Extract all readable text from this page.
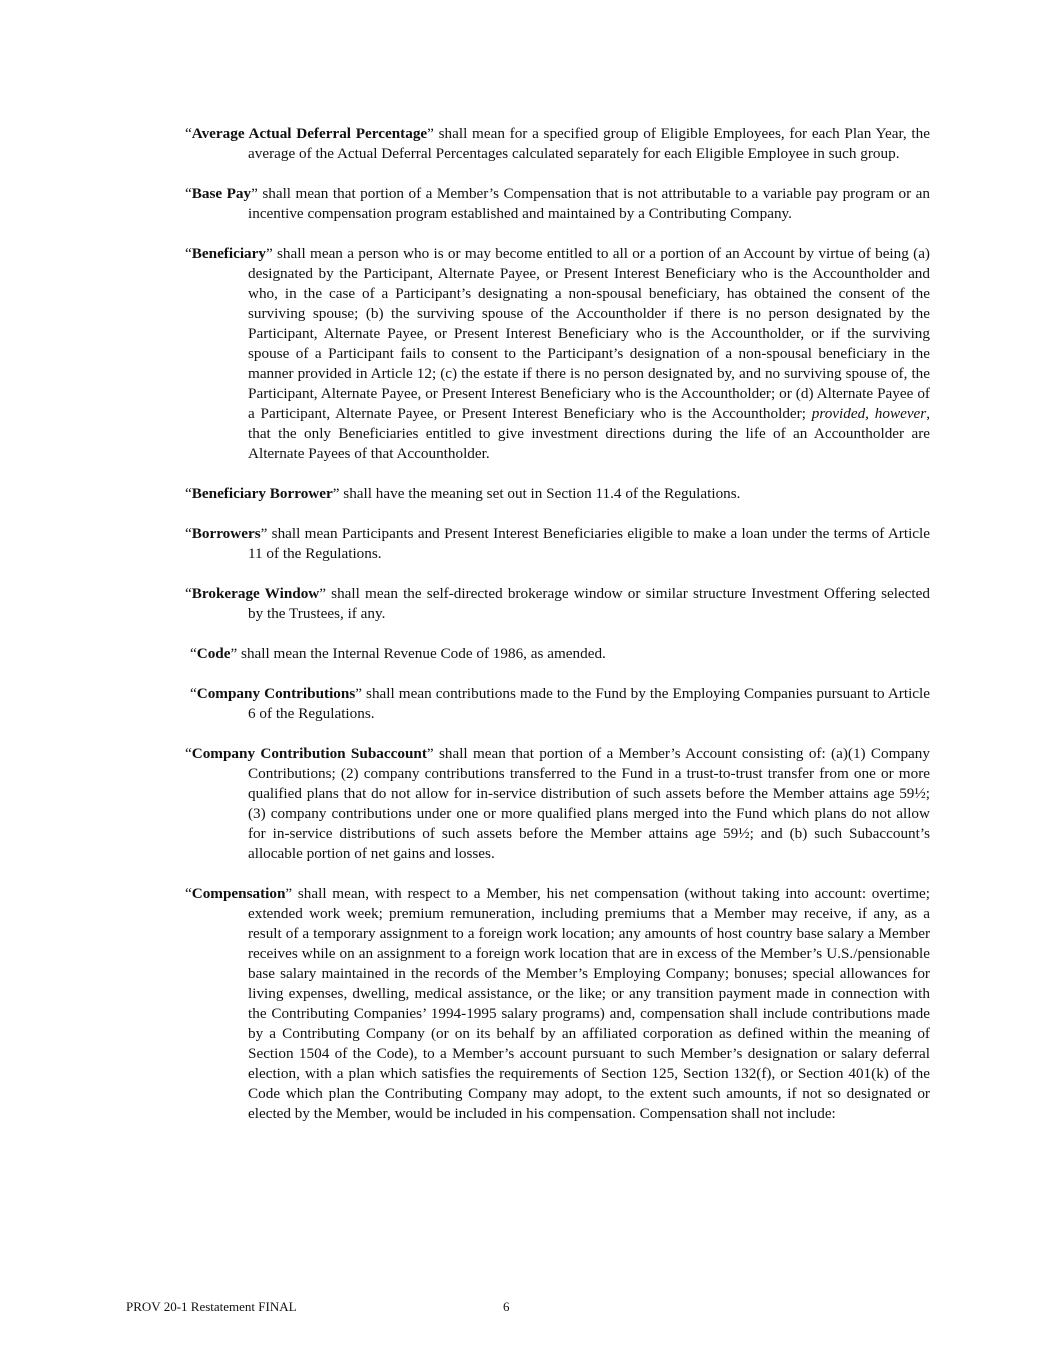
“Average Actual Deferral Percentage” shall mean for a specified group of Eligible Employees, for each Plan Year, the average of the Actual Deferral Percentages calculated separately for each Eligible Employee in such group.

“Base Pay” shall mean that portion of a Member’s Compensation that is not attributable to a variable pay program or an incentive compensation program established and maintained by a Contributing Company.

“Beneficiary” shall mean a person who is or may become entitled to all or a portion of an Account by virtue of being (a) designated by the Participant, Alternate Payee, or Present Interest Beneficiary who is the Accountholder and who, in the case of a Participant’s designating a non-spousal beneficiary, has obtained the consent of the surviving spouse; (b) the surviving spouse of the Accountholder if there is no person designated by the Participant, Alternate Payee, or Present Interest Beneficiary who is the Accountholder, or if the surviving spouse of a Participant fails to consent to the Participant’s designation of a non-spousal beneficiary in the manner provided in Article 12; (c) the estate if there is no person designated by, and no surviving spouse of, the Participant, Alternate Payee, or Present Interest Beneficiary who is the Accountholder; or (d) Alternate Payee of a Participant, Alternate Payee, or Present Interest Beneficiary who is the Accountholder; provided, however, that the only Beneficiaries entitled to give investment directions during the life of an Accountholder are Alternate Payees of that Accountholder.

“Beneficiary Borrower” shall have the meaning set out in Section 11.4 of the Regulations.

“Borrowers” shall mean Participants and Present Interest Beneficiaries eligible to make a loan under the terms of Article 11 of the Regulations.

“Brokerage Window” shall mean the self-directed brokerage window or similar structure Investment Offering selected by the Trustees, if any.

“Code” shall mean the Internal Revenue Code of 1986, as amended.

“Company Contributions” shall mean contributions made to the Fund by the Employing Companies pursuant to Article 6 of the Regulations.

“Company Contribution Subaccount” shall mean that portion of a Member’s Account consisting of: (a)(1) Company Contributions; (2) company contributions transferred to the Fund in a trust-to-trust transfer from one or more qualified plans that do not allow for in-service distribution of such assets before the Member attains age 59½; (3) company contributions under one or more qualified plans merged into the Fund which plans do not allow for in-service distributions of such assets before the Member attains age 59½; and (b) such Subaccount’s allocable portion of net gains and losses.

“Compensation” shall mean, with respect to a Member, his net compensation (without taking into account: overtime; extended work week; premium remuneration, including premiums that a Member may receive, if any, as a result of a temporary assignment to a foreign work location; any amounts of host country base salary a Member receives while on an assignment to a foreign work location that are in excess of the Member’s U.S./pensionable base salary maintained in the records of the Member’s Employing Company; bonuses; special allowances for living expenses, dwelling, medical assistance, or the like; or any transition payment made in connection with the Contributing Companies’ 1994-1995 salary programs) and, compensation shall include contributions made by a Contributing Company (or on its behalf by an affiliated corporation as defined within the meaning of Section 1504 of the Code), to a Member’s account pursuant to such Member’s designation or salary deferral election, with a plan which satisfies the requirements of Section 125, Section 132(f), or Section 401(k) of the Code which plan the Contributing Company may adopt, to the extent such amounts, if not so designated or elected by the Member, would be included in his compensation. Compensation shall not include:

PROV 20-1 Restatement FINAL	6
